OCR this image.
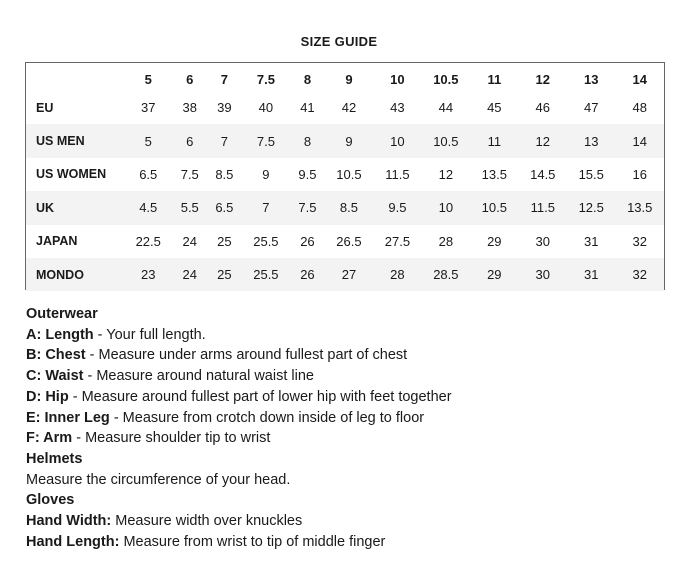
SIZE GUIDE
	5	6	7	7.5	8	9	10	10.5	11	12	13	14
EU	37	38	39	40	41	42	43	44	45	46	47	48
US MEN	5	6	7	7.5	8	9	10	10.5	11	12	13	14
US WOMEN	6.5	7.5	8.5	9	9.5	10.5	11.5	12	13.5	14.5	15.5	16
UK	4.5	5.5	6.5	7	7.5	8.5	9.5	10	10.5	11.5	12.5	13.5
JAPAN	22.5	24	25	25.5	26	26.5	27.5	28	29	30	31	32
MONDO	23	24	25	25.5	26	27	28	28.5	29	30	31	32
Outerwear
A: Length - Your full length.
B: Chest - Measure under arms around fullest part of chest
C: Waist - Measure around natural waist line
D: Hip - Measure around fullest part of lower hip with feet together
E: Inner Leg - Measure from crotch down inside of leg to floor
F: Arm - Measure shoulder tip to wrist
Helmets
Measure the circumference of your head.
Gloves
Hand Width: Measure width over knuckles
Hand Length: Measure from wrist to tip of middle finger
